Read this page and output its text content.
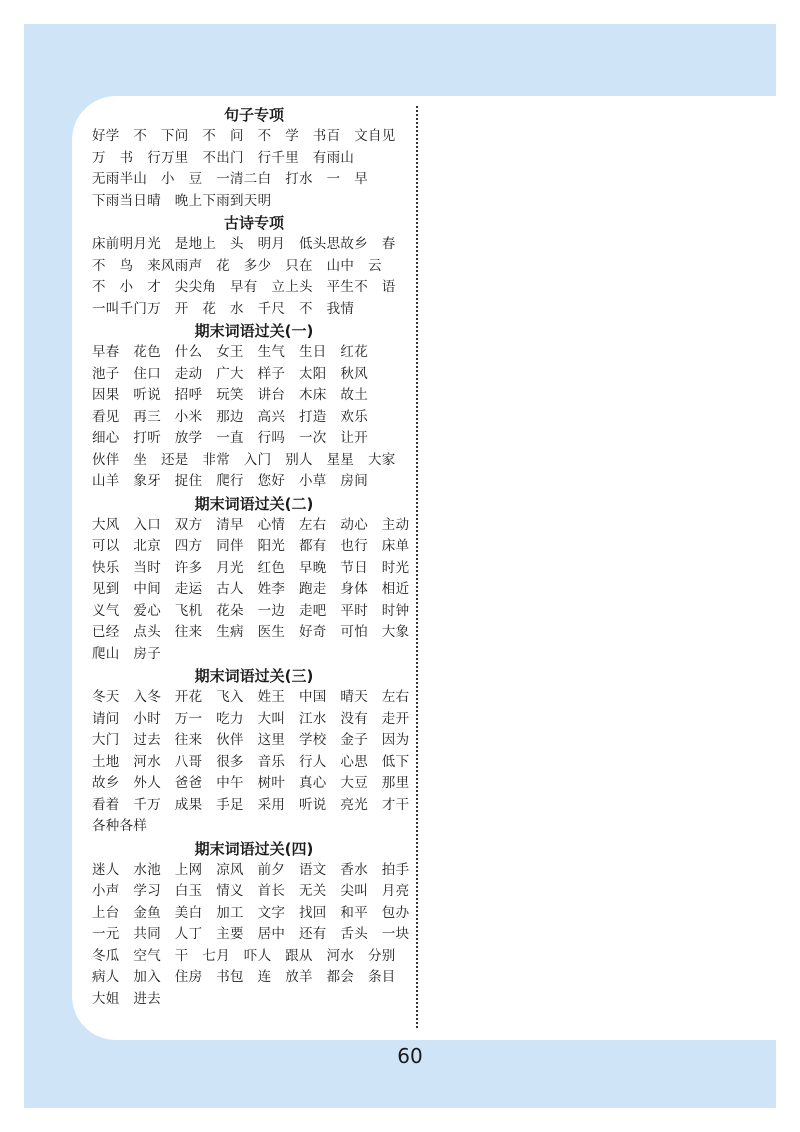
句子专项
好学　不　下问　不　问　不　学　书百　文自见
万　书　行万里　不出门　行千里　有雨山
无雨半山　小　豆　一清二白　打水　一　早
下雨当日晴　晚上下雨到天明
古诗专项
床前明月光　是地上　头　明月　低头思故乡　春
不　鸟　来风雨声　花　多少　只在　山中　云
不　小　才　尖尖角　早有　立上头　平生不　语
一叫千门万　开　花　水　千尺　不　我情
期末词语过关(一)
早春　花色　什么　女王　生气　生日　红花
池子　住口　走动　广大　样子　太阳　秋风
因果　听说　招呼　玩笑　讲台　木床　故土
看见　再三　小米　那边　高兴　打造　欢乐
细心　打听　放学　一直　行吗　一次　让开
伙伴　坐　还是　非常　入门　别人　星星　大家
山羊　象牙　捉住　爬行　您好　小草　房间
期末词语过关(二)
大风　入口　双方　清早　心情　左右　动心　主动
可以　北京　四方　同伴　阳光　都有　也行　床单
快乐　当时　许多　月光　红色　早晚　节日　时光
见到　中间　走运　古人　姓李　跑走　身体　相近
义气　爱心　飞机　花朵　一边　走吧　平时　时钟
已经　点头　往来　生病　医生　好奇　可怕　大象
爬山　房子
期末词语过关(三)
冬天　入冬　开花　飞入　姓王　中国　晴天　左右
请问　小时　万一　吃力　大叫　江水　没有　走开
大门　过去　往来　伙伴　这里　学校　金子　因为
土地　河水　八哥　很多　音乐　行人　心思　低下
故乡　外人　爸爸　中午　树叶　真心　大豆　那里
看着　千万　成果　手足　采用　听说　亮光　才干
各种各样
期末词语过关(四)
迷人　水池　上网　凉风　前夕　语文　香水　拍手
小声　学习　白玉　情义　首长　无关　尖叫　月亮
上台　金鱼　美白　加工　文字　找回　和平　包办
一元　共同　人丁　主要　居中　还有　舌头　一块
冬瓜　空气　干　七月　吓人　跟从　河水　分别
病人　加入　住房　书包　连　放羊　都会　条目
大姐　进去
60
